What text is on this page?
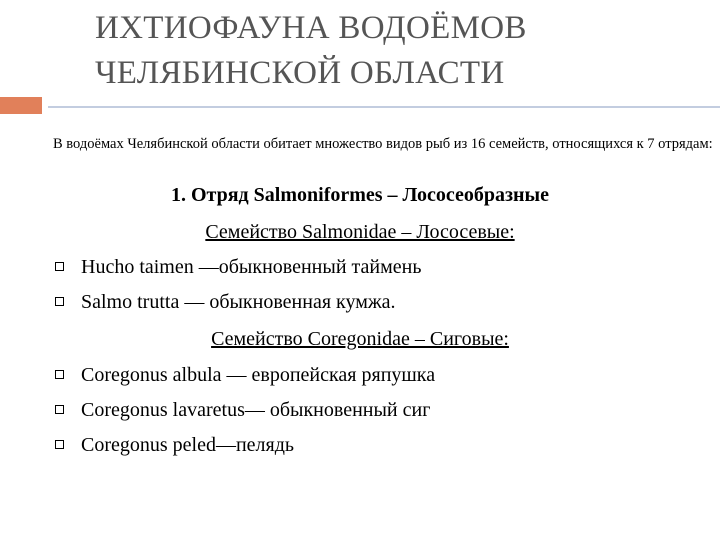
ИХТИОФАУНА ВОДОЁМОВ
ЧЕЛЯБИНСКОЙ ОБЛАСТИ
В водоёмах Челябинской области обитает множество видов рыб из 16 семейств, относящихся к 7 отрядам:
1. Отряд Salmoniformes – Лососеобразные
Семейство Salmonidae – Лососевые:
Hucho taimen —обыкновенный таймень
Salmo trutta — обыкновенная кумжа.
Семейство Coregonidae – Сиговые:
Coregonus albula — европейская ряпушка
Coregonus lavaretus— обыкновенный сиг
Coregonus peled—пелядь
